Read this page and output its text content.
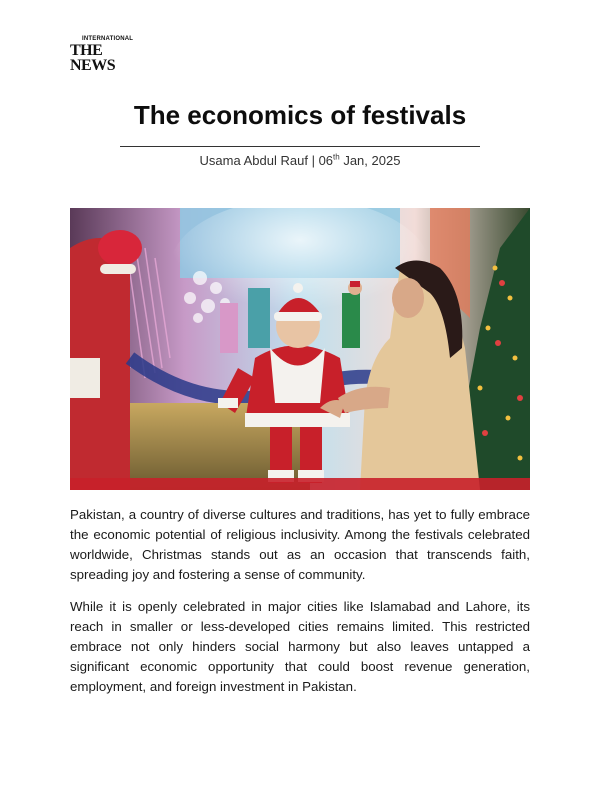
INTERNATIONAL
THE NEWS
The economics of festivals
Usama Abdul Rauf | 06th Jan, 2025

Pakistan, a country of diverse cultures and traditions, has yet to fully embrace the economic potential of religious inclusivity. Among the festivals celebrated worldwide, Christmas stands out as an occasion that transcends faith, spreading joy and fostering a sense of community.

While it is openly celebrated in major cities like Islamabad and Lahore, its reach in smaller or less-developed cities remains limited. This restricted embrace not only hinders social harmony but also leaves untapped a significant economic opportunity that could boost revenue generation, employment, and foreign investment in Pakistan.
